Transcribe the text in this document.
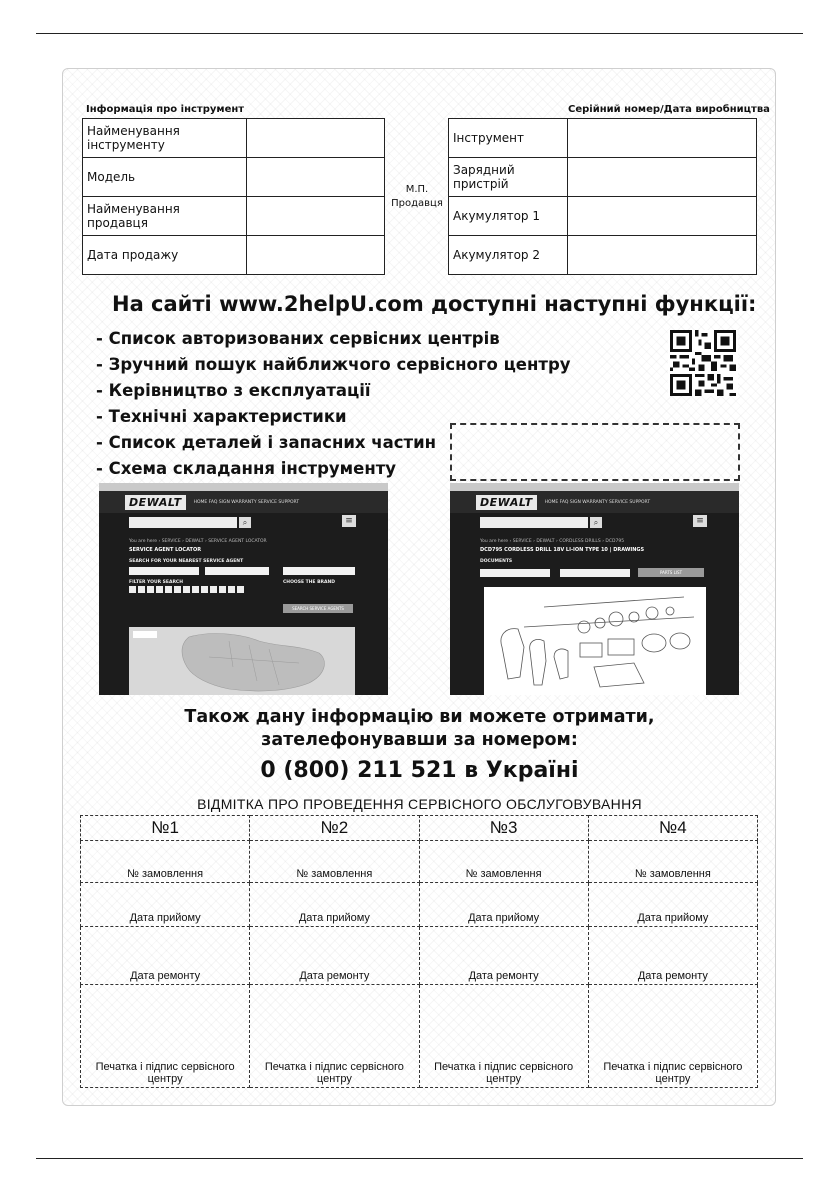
Інформація про інструмент	Серійний номер/Дата виробництва
Найменування інструменту	
Модель	
Найменування продавця	
Дата продажу	
М.П.
Продавця
Інструмент	
Зарядний пристрій	
Акумулятор 1	
Акумулятор 2	
На сайті www.2helpU.com доступні наступні функції:
- Список авторизованих сервісних центрів
- Зручний пошук найближчого сервісного центру
- Керівництво з експлуатації
- Технічні характеристики
- Список деталей і запасних частин
- Схема складання інструменту
DEWALT	HOME FAQ SIGN WARRANTY SERVICE SUPPORT
⌕	≡
You are here › SERVICE › DEWALT › SERVICE AGENT LOCATOR
SERVICE AGENT LOCATOR
SEARCH FOR YOUR NEAREST SERVICE AGENT
FILTER YOUR SEARCH	CHOOSE THE BRAND
SEARCH SERVICE AGENTS
DEWALT	HOME FAQ SIGN WARRANTY SERVICE SUPPORT
⌕	≡
You are here › SERVICE › DEWALT › CORDLESS DRILLS › DCD795
DCD795 CORDLESS DRILL 18V LI-ION TYPE 10 | DRAWINGS
DOCUMENTS
PARTS LIST
Також дану інформацію ви можете отримати,
зателефонувавши за номером:
0 (800) 211 521 в Україні
ВІДМІТКА ПРО ПРОВЕДЕННЯ СЕРВІСНОГО ОБСЛУГОВУВАННЯ
№1	№2	№3	№4
№ замовлення	№ замовлення	№ замовлення	№ замовлення
Дата прийому	Дата прийому	Дата прийому	Дата прийому
Дата ремонту	Дата ремонту	Дата ремонту	Дата ремонту
Печатка і підпис сервісного центру	Печатка і підпис сервісного центру	Печатка і підпис сервісного центру	Печатка і підпис сервісного центру
